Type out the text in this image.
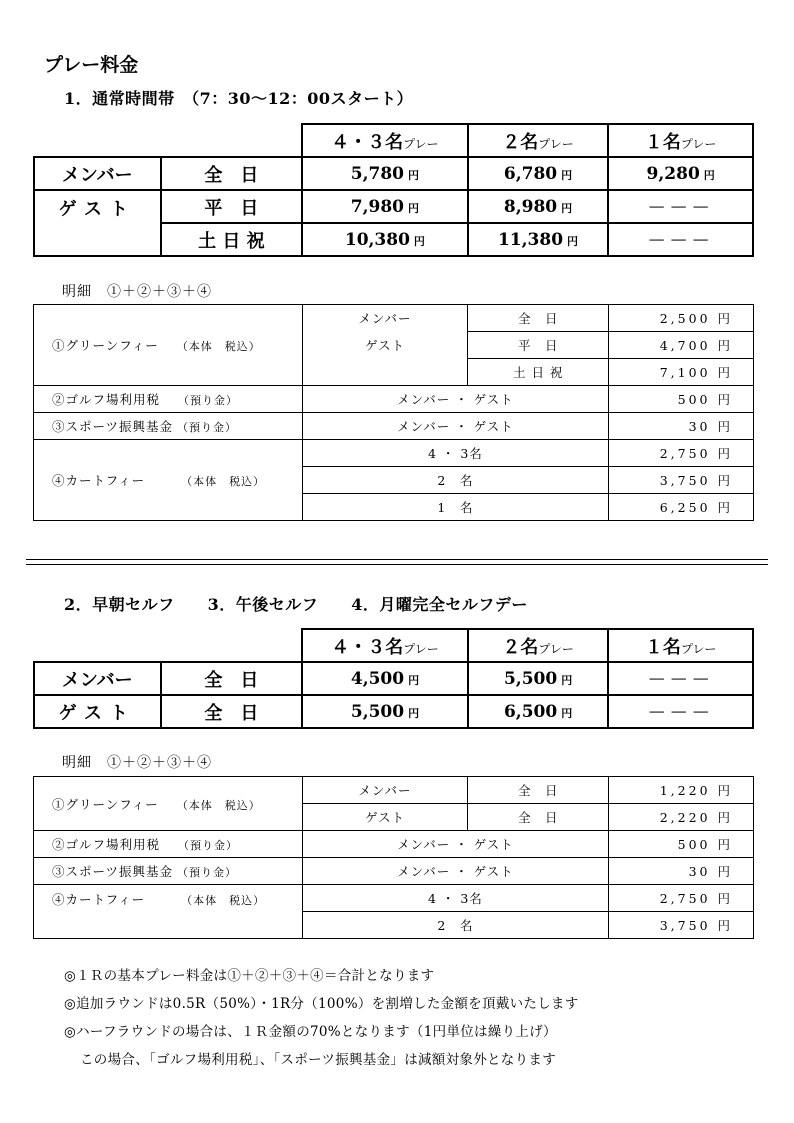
プレー料金
1．通常時間帯　（7：30～12：00スタート）
		４・３名プレー	２名プレー	１名プレー
メンバー	全　日	5,780 円	6,780 円	9,280 円
ゲスト	平　日	7,980 円	8,980 円	－－－
	土 日 祝	10,380 円	11,380 円	－－－
明細　①＋②＋③＋④
①グリーンフィー （本体　税込）	メンバー	全　日	2,500 円
	ゲスト	平　日	4,700 円
		土 日 祝	7,100 円
②ゴルフ場利用税 （預り金）	メンバー ・ ゲスト		500 円
③スポーツ振興基金 （預り金）	メンバー ・ ゲスト		30 円
④カートフィー （本体　税込）	4 ・ 3名		2,750 円
	2　名		3,750 円
	1　名		6,250 円
2．早朝セルフ　　3．午後セルフ　　4．月曜完全セルフデー
		４・３名プレー	２名プレー	１名プレー
メンバー	全　日	4,500 円	5,500 円	－－－
ゲスト	全　日	5,500 円	6,500 円	－－－
明細　①＋②＋③＋④
①グリーンフィー （本体　税込）	メンバー	全　日	1,220 円
	ゲスト	全　日	2,220 円
②ゴルフ場利用税 （預り金）	メンバー ・ ゲスト		500 円
③スポーツ振興基金 （預り金）	メンバー ・ ゲスト		30 円
④カートフィー （本体　税込）	4 ・ 3名		2,750 円
	2　名		3,750 円
◎１Ｒの基本プレー料金は①＋②＋③＋④＝合計となります
◎追加ラウンドは0.5R（50%）・1R分（100%）を割増した金額を頂戴いたします
◎ハーフラウンドの場合は、１Ｒ金額の70%となります（1円単位は繰り上げ）
この場合、「ゴルフ場利用税」、「スポーツ振興基金」は減額対象外となります
